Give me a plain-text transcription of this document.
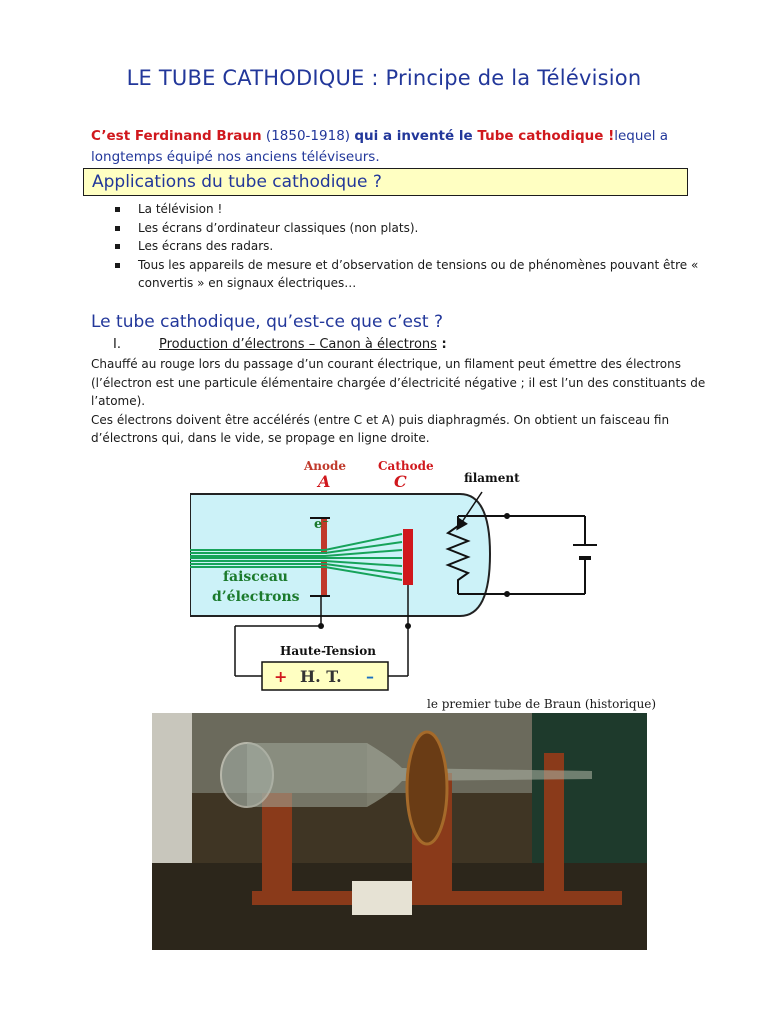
LE TUBE CATHODIQUE : Principe de la Télévision
C’est Ferdinand Braun (1850-1918) qui a inventé le Tube cathodique !lequel a longtemps équipé nos anciens téléviseurs.
Applications du tube cathodique ?
La télévision !
Les écrans d’ordinateur classiques (non plats).
Les écrans des radars.
Tous les appareils de mesure et d’observation de tensions ou de phénomènes pouvant être « convertis » en signaux électriques…
Le tube cathodique, qu’est-ce que c’est ?
I.	Production d’électrons – Canon à électrons :
Chauffé au rouge lors du passage d’un courant électrique, un filament peut émettre des électrons (l’électron est une particule élémentaire chargée d’électricité négative ; il est l’un des constituants de l’atome).
Ces électrons doivent être accélérés (entre C et A) puis diaphragmés. On obtient un faisceau fin d’électrons qui, dans le vide, se propage en ligne droite.
e⁻
Anode
A
Cathode
C	filament
faisceau
d’électrons
Haute-Tension
+ H. T. –
le premier tube de Braun (historique)
